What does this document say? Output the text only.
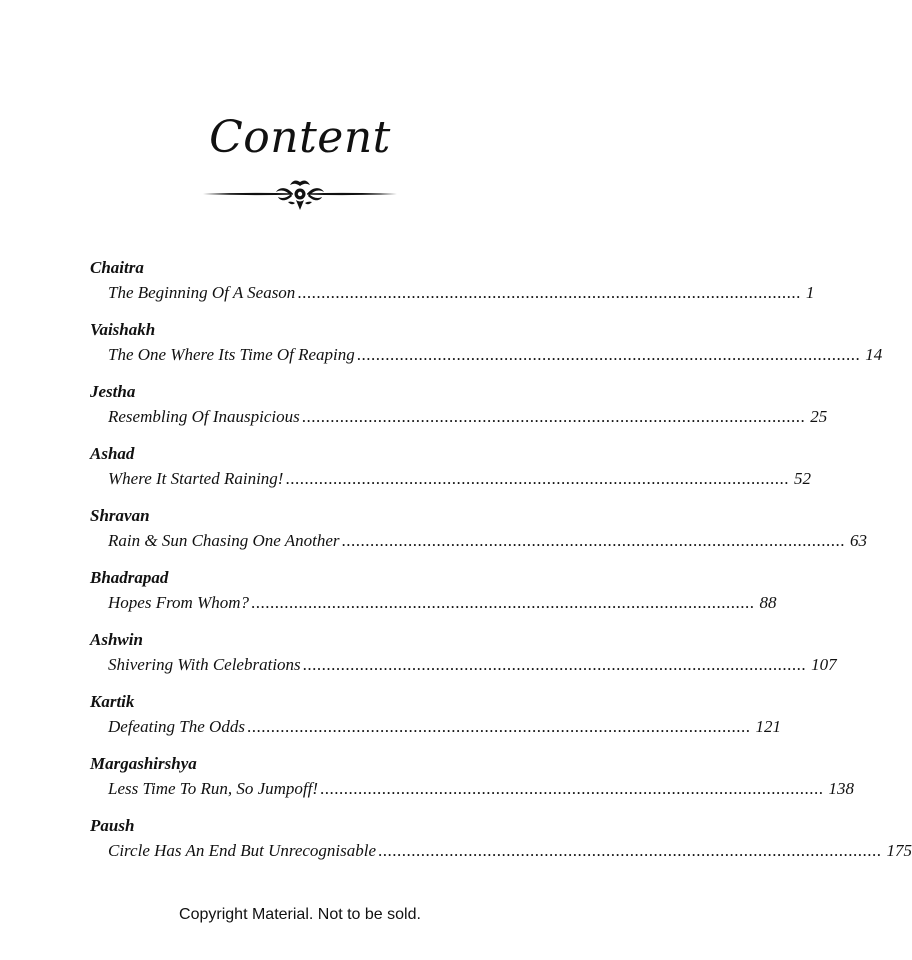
Content
Chaitra
The Beginning Of A Season .......................................................................................................... 1
Vaishakh
The One Where Its Time Of Reaping .......................................................................................................... 14
Jestha
Resembling Of Inauspicious .......................................................................................................... 25
Ashad
Where It Started Raining! .......................................................................................................... 52
Shravan
Rain & Sun Chasing One Another .......................................................................................................... 63
Bhadrapad
Hopes From Whom? .......................................................................................................... 88
Ashwin
Shivering With Celebrations .......................................................................................................... 107
Kartik
Defeating The Odds .......................................................................................................... 121
Margashirshya
Less Time To Run, So Jumpoff! .......................................................................................................... 138
Paush
Circle Has An End But Unrecognisable .......................................................................................................... 175
Copyright Material. Not to be sold.
